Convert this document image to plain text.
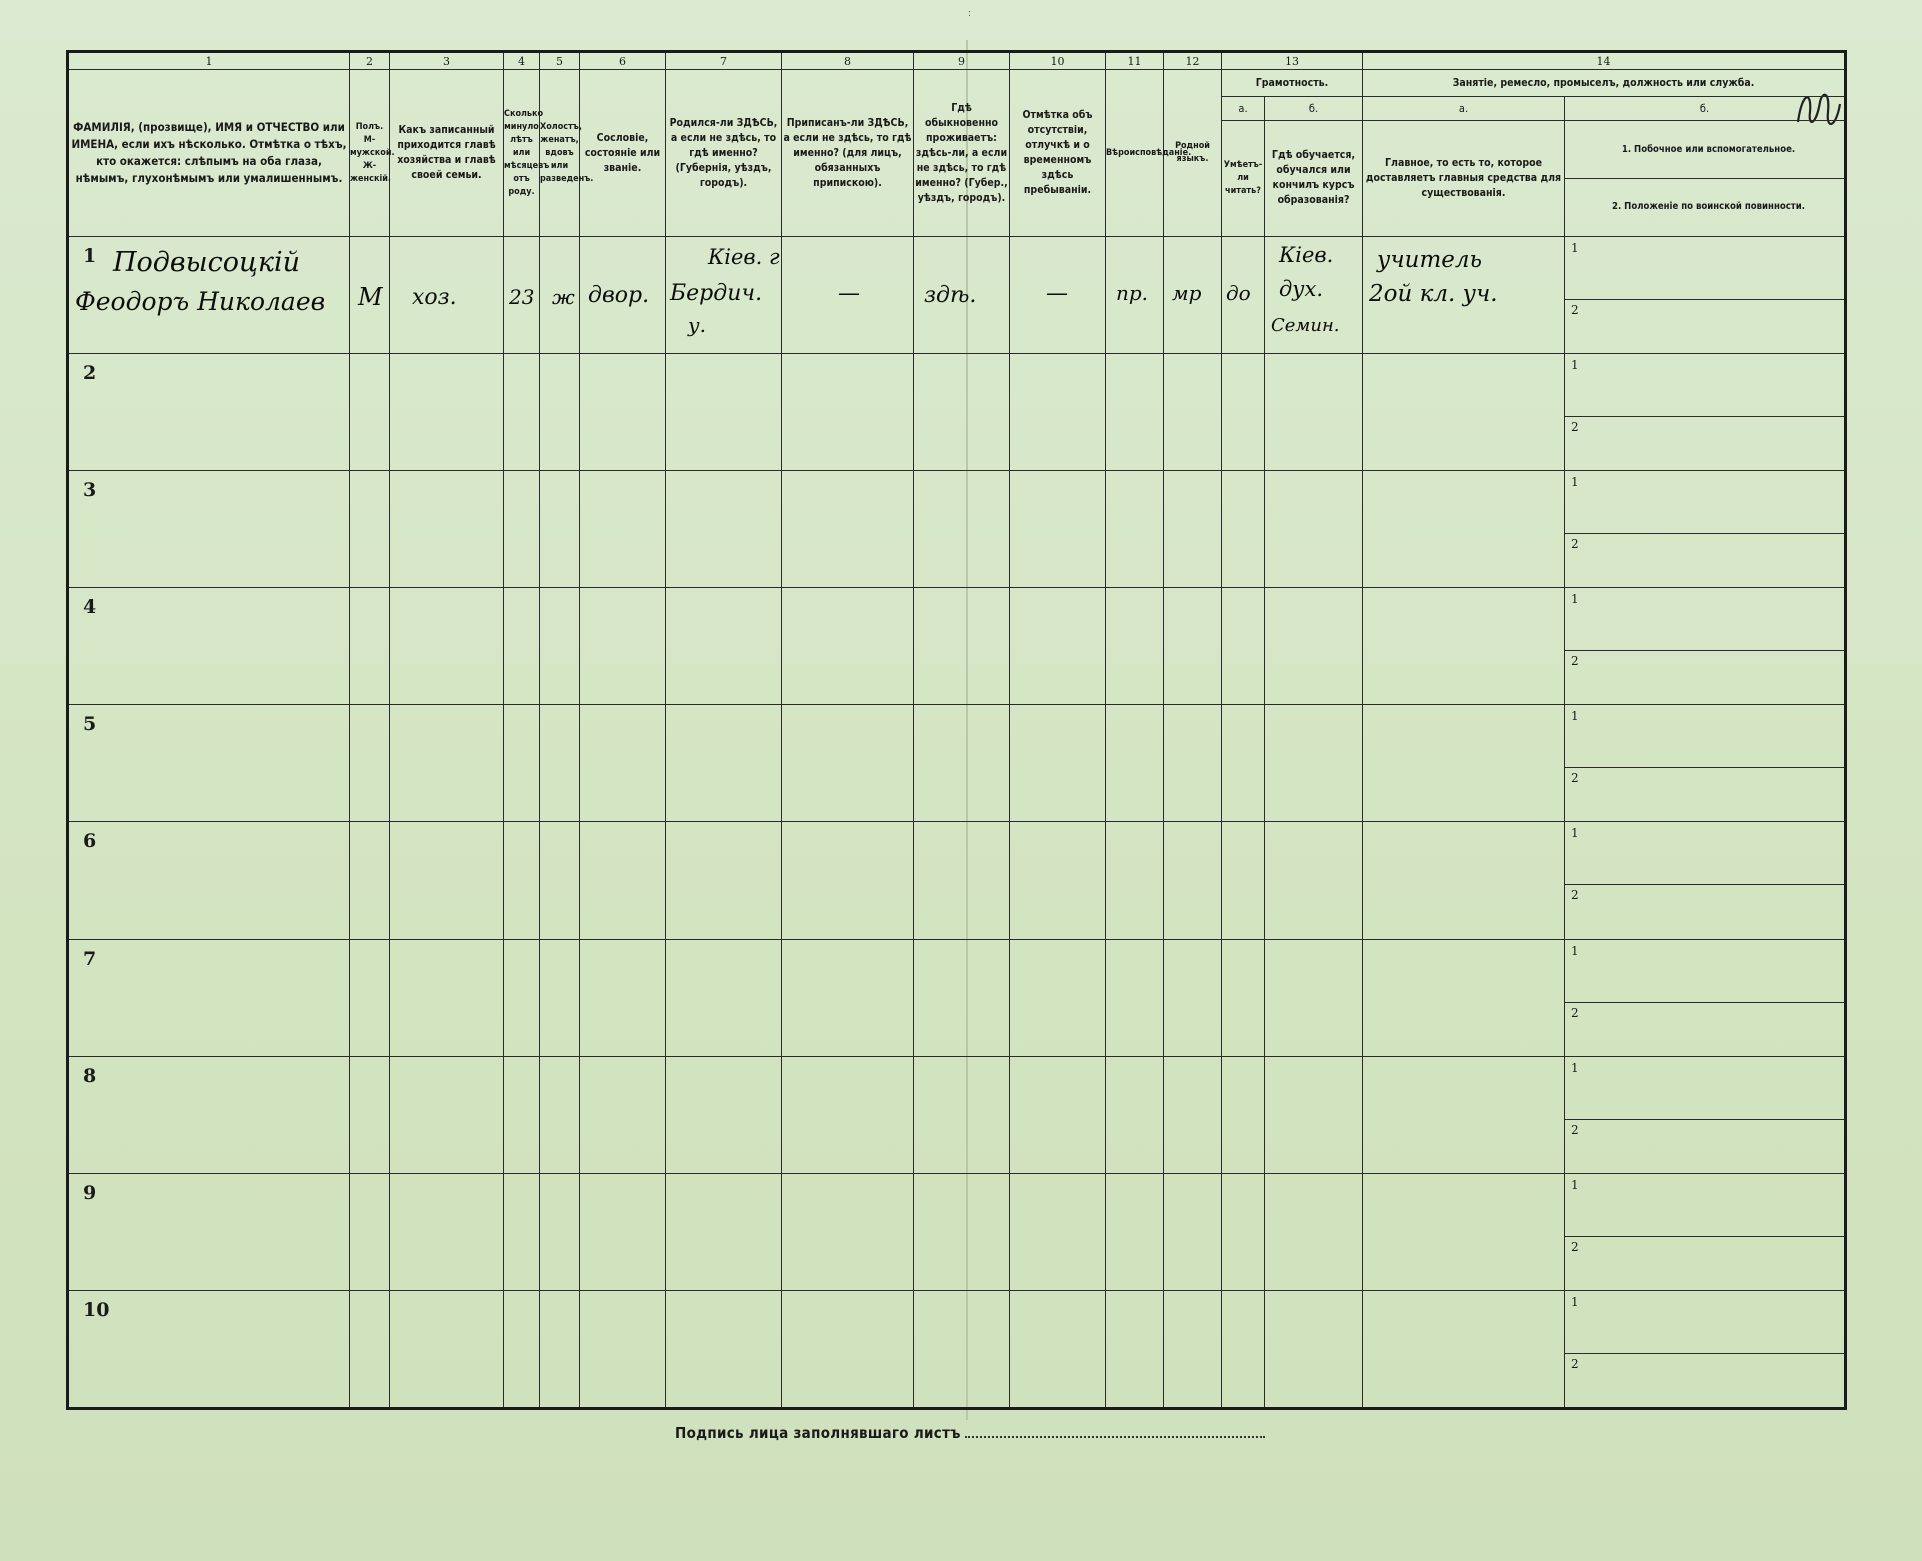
:
1	2	3	4	5	6	7	8	9	10	11	12	13		14	
ФАМИЛІЯ, (прозвище), ИМЯ и ОТЧЕСТВО или ИМЕНА, если ихъ нѣсколько. Отмѣтка о тѣхъ, кто окажется: слѣпымъ на оба глаза, нѣмымъ, глухонѣмымъ или умалишеннымъ.	Полъ. М-мужской. Ж-женскій.	Какъ записанный приходится главѣ хозяйства и главѣ своей семьи.	Сколько минуло лѣтъ или мѣсяцевъ отъ роду.	Холостъ, женатъ, вдовъ или разведенъ.	Сословіе, состояніе или званіе.	Родился-ли ЗДѢСЬ, а если не здѣсь, то гдѣ именно? (Губернія, уѣздъ, городъ).	Приписанъ-ли ЗДѢСЬ, а если не здѣсь, то гдѣ именно? (для лицъ, обязанныхъ припискою).	Гдѣ обыкновенно проживаетъ: здѣсь-ли, а если не здѣсь, то гдѣ именно? (Губер., уѣздъ, городъ).	Отмѣтка объ отсутствіи, отлучкѣ и о временномъ здѣсь пребываніи.	Вѣроисповѣданіе.	Родной языкъ.	Грамотность.		Занятіе, ремесло, промыселъ, должность или служба.	
												а.	б.	а.	б.
												Умѣетъ-ли читать?	Гдѣ обучается, обучался или кончилъ курсъ образованія?	Главное, то есть то, которое доставляетъ главныя средства для существованія.	1. Побочное или вспомогательное.
2. Положеніе по воинской повинности.

1 Подвысоцкій
Феодоръ Николаев	М	хоз.	23	ж	двор.	Кіев. г
Бердич.
у.	—	здѣ.	—	пр.	мр	до	Кіев.
дух.
Семин.	учитель
2ой кл. уч.	1
2

2															1
2

3															1
2

4															1
2

5															1
2

6															1
2

7															1
2

8															1
2

9															1
2

10															1
2
Подпись лица заполнявшаго листъ
